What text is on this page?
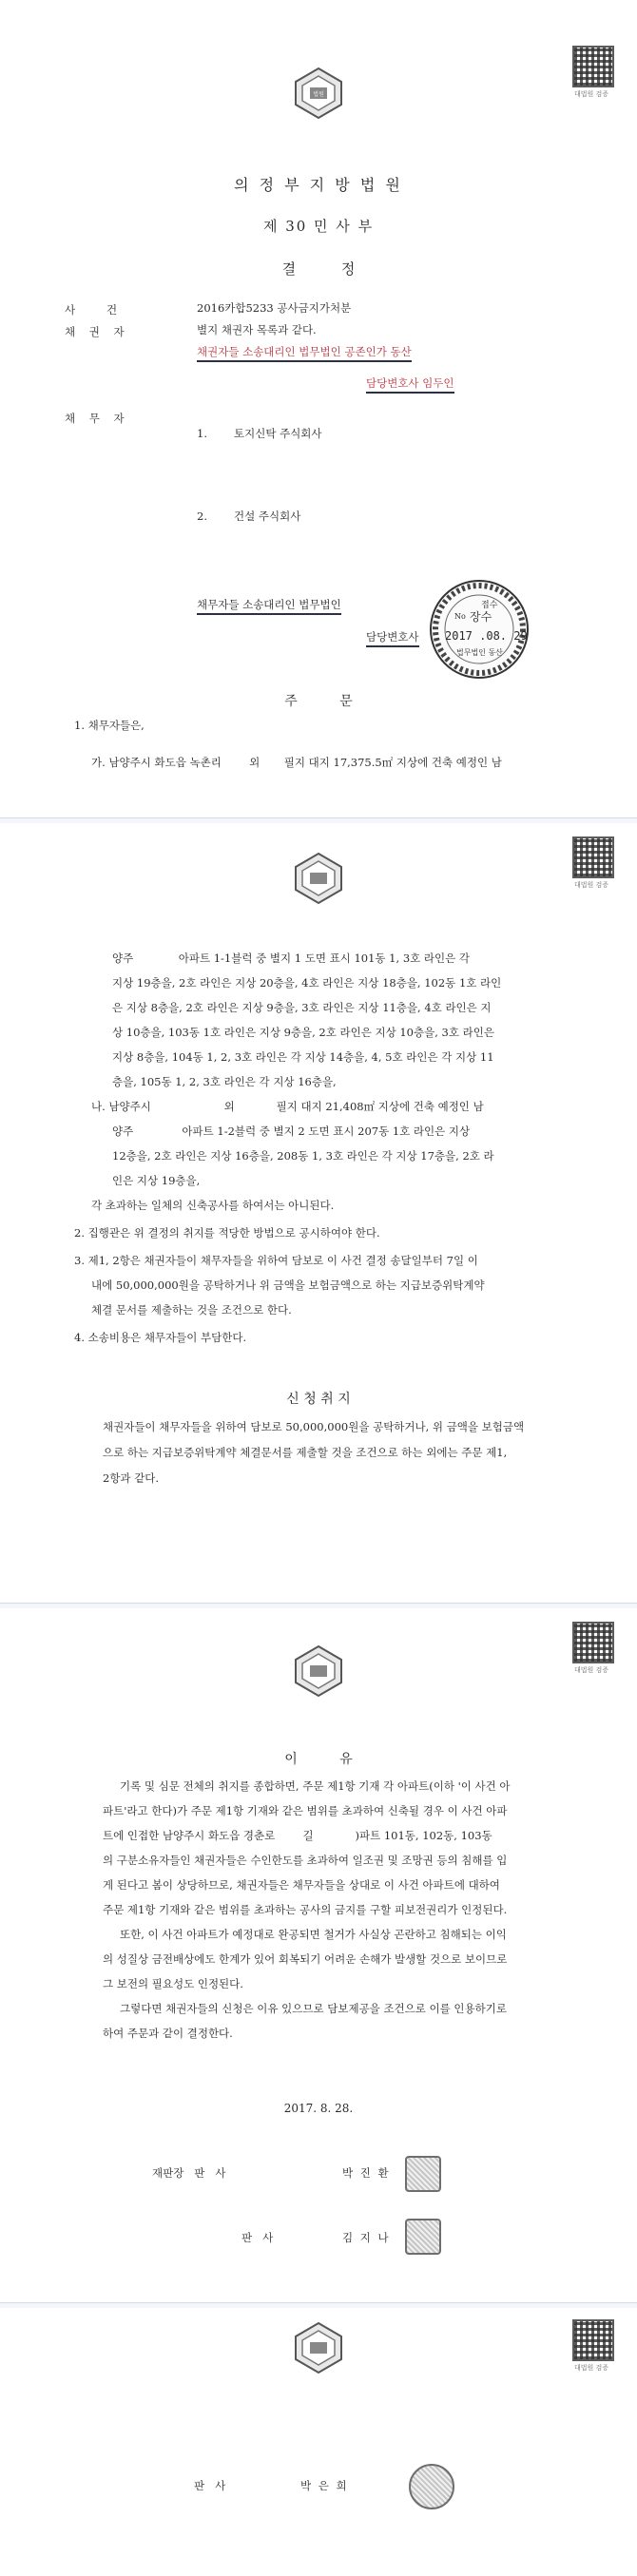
대법원 검증
법원
의 정 부 지 방 법 원
제 30 민 사 부
결          정
사         건	2016카합5233 공사금지가처분
채    권    자	별지 채권자 목록과 같다.
채권자들 소송대리인 법무법인 공존인가 동산
담당변호사 임두인
채    무    자
1. 토지신탁 주식회사
2. 건설 주식회사
채무자들 소송대리인 법무법인
담당변호사
접수
No 장수
2017 .08. 29
법무법인 동산
주          문
1. 채무자들은,
가. 남양주시 화도읍 녹촌리        외       필지 대지 17,375.5㎡ 지상에 건축 예정인 남
대법원 검증
양주             아파트 1-1블럭 중 별지 1 도면 표시 101동 1, 3호 라인은 각
지상 19층을, 2호 라인은 지상 20층을, 4호 라인은 지상 18층을, 102동 1호 라인
은 지상 8층을, 2호 라인은 지상 9층을, 3호 라인은 지상 11층을, 4호 라인은 지
상 10층을, 103동 1호 라인은 지상 9층을, 2호 라인은 지상 10층을, 3호 라인은
지상 8층을, 104동 1, 2, 3호 라인은 각 지상 14층을, 4, 5호 라인은 각 지상 11
층을, 105동 1, 2, 3호 라인은 각 지상 16층을,
나. 남양주시                     외            필지 대지 21,408㎡ 지상에 건축 예정인 남
양주              아파트 1-2블럭 중 별지 2 도면 표시 207동 1호 라인은 지상
12층을, 2호 라인은 지상 16층을, 208동 1, 3호 라인은 각 지상 17층을, 2호 라
인은 지상 19층을,
각 초과하는 일체의 신축공사를 하여서는 아니된다.
2. 집행관은 위 결정의 취지를 적당한 방법으로 공시하여야 한다.
3. 제1, 2항은 채권자들이 채무자들을 위하여 담보로 이 사건 결정 송달일부터 7일 이
내에 50,000,000원을 공탁하거나 위 금액을 보험금액으로 하는 지급보증위탁계약
체결 문서를 제출하는 것을 조건으로 한다.
4. 소송비용은 채무자들이 부담한다.
신 청 취 지
채권자들이 채무자들을 위하여 담보로 50,000,000원을 공탁하거나, 위 금액을 보험금액
으로 하는 지급보증위탁계약 체결문서를 제출할 것을 조건으로 하는 외에는 주문 제1,
2항과 같다.
대법원 검증
이          유
기록 및 심문 전체의 취지를 종합하면, 주문 제1항 기재 각 아파트(이하 '이 사건 아
파트'라고 한다)가 주문 제1항 기재와 같은 범위를 초과하여 신축될 경우 이 사건 아파
트에 인접한 남양주시 화도읍 경춘로        길            )파트 101동, 102동, 103동
의 구분소유자들인 채권자들은 수인한도를 초과하여 일조권 및 조망권 등의 침해를 입
게 된다고 봄이 상당하므로, 채권자들은 채무자들을 상대로 이 사건 아파트에 대하여
주문 제1항 기재와 같은 범위를 초과하는 공사의 금지를 구할 피보전권리가 인정된다.
또한, 이 사건 아파트가 예정대로 완공되면 철거가 사실상 곤란하고 침해되는 이익
의 성질상 금전배상에도 한계가 있어 회복되기 어려운 손해가 발생할 것으로 보이므로
그 보전의 필요성도 인정된다.
그렇다면 채권자들의 신청은 이유 있으므로 담보제공을 조건으로 이를 인용하기로
하여 주문과 같이 결정한다.
2017. 8. 28.
재판장   판   사	박 진 환
판   사	김 지 나
대법원 검증
판   사	박 은 희
